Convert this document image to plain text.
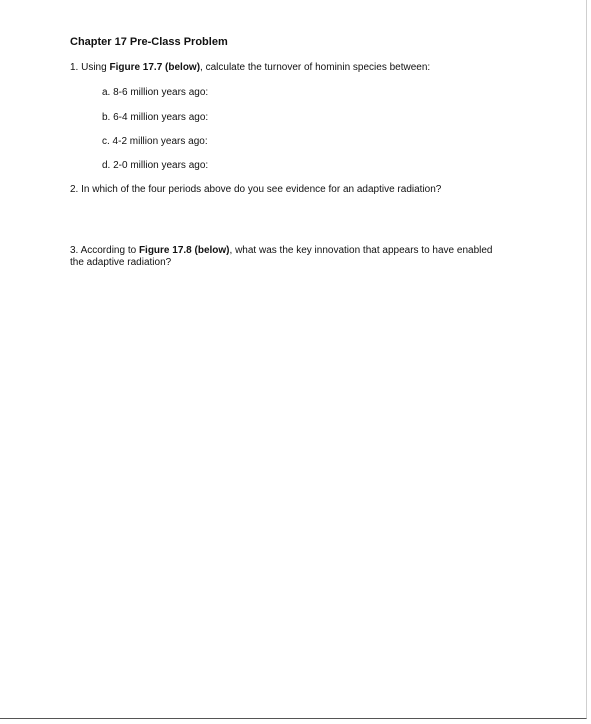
Chapter 17 Pre-Class Problem
1. Using Figure 17.7 (below), calculate the turnover of hominin species between:
a. 8-6 million years ago:
b. 6-4 million years ago:
c. 4-2 million years ago:
d. 2-0 million years ago:
2. In which of the four periods above do you see evidence for an adaptive radiation?
3. According to Figure 17.8 (below), what was the key innovation that appears to have enabled
the adaptive radiation?
